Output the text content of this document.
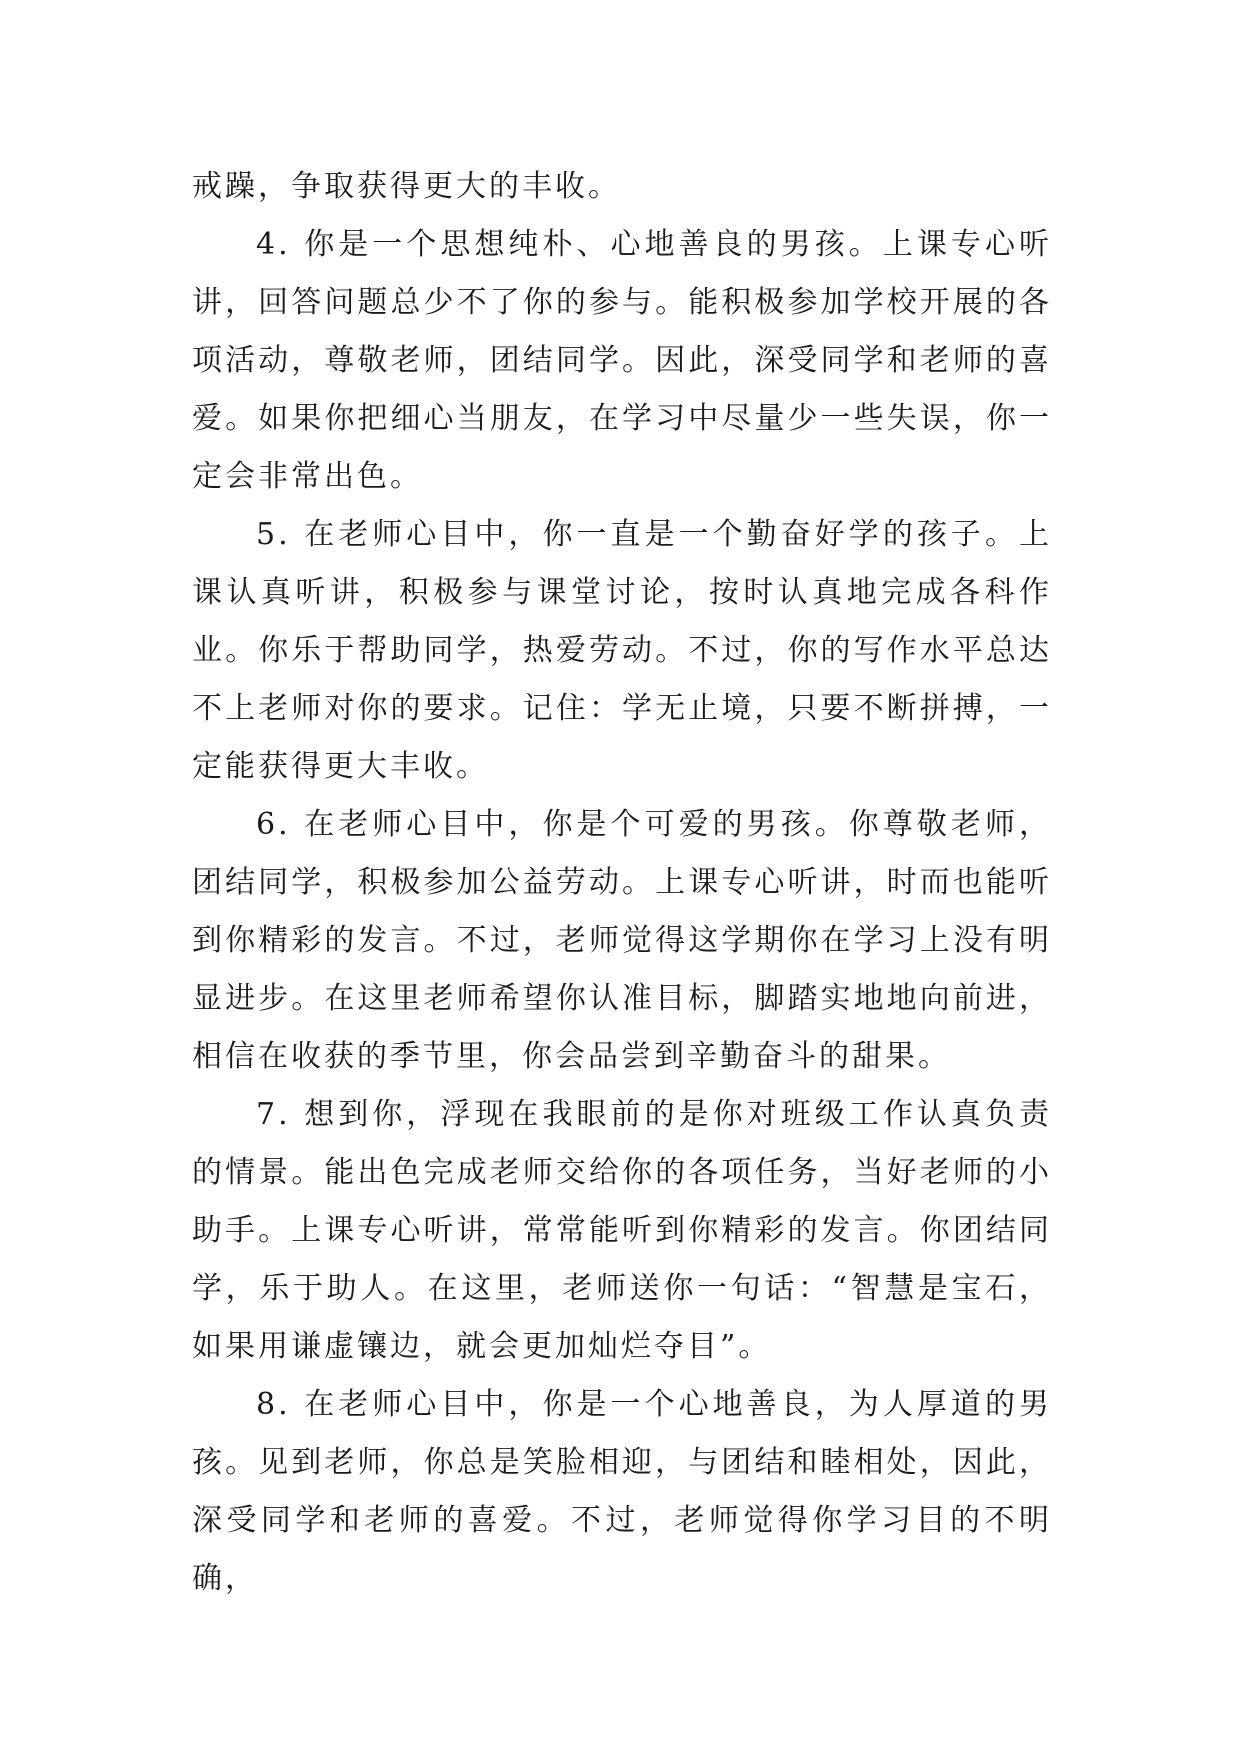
戒躁，争取获得更大的丰收。

4. 你是一个思想纯朴、心地善良的男孩。上课专心听讲，回答问题总少不了你的参与。能积极参加学校开展的各项活动，尊敬老师，团结同学。因此，深受同学和老师的喜爱。如果你把细心当朋友，在学习中尽量少一些失误，你一定会非常出色。

5. 在老师心目中，你一直是一个勤奋好学的孩子。上课认真听讲，积极参与课堂讨论，按时认真地完成各科作业。你乐于帮助同学，热爱劳动。不过，你的写作水平总达不上老师对你的要求。记住：学无止境，只要不断拼搏，一定能获得更大丰收。

6. 在老师心目中，你是个可爱的男孩。你尊敬老师，团结同学，积极参加公益劳动。上课专心听讲，时而也能听到你精彩的发言。不过，老师觉得这学期你在学习上没有明显进步。在这里老师希望你认准目标，脚踏实地地向前进，相信在收获的季节里，你会品尝到辛勤奋斗的甜果。

7. 想到你，浮现在我眼前的是你对班级工作认真负责的情景。能出色完成老师交给你的各项任务，当好老师的小助手。上课专心听讲，常常能听到你精彩的发言。你团结同学，乐于助人。在这里，老师送你一句话：“智慧是宝石，如果用谦虚镶边，就会更加灿烂夺目”。

8. 在老师心目中，你是一个心地善良，为人厚道的男孩。见到老师，你总是笑脸相迎，与团结和睦相处，因此，深受同学和老师的喜爱。不过，老师觉得你学习目的不明确，
